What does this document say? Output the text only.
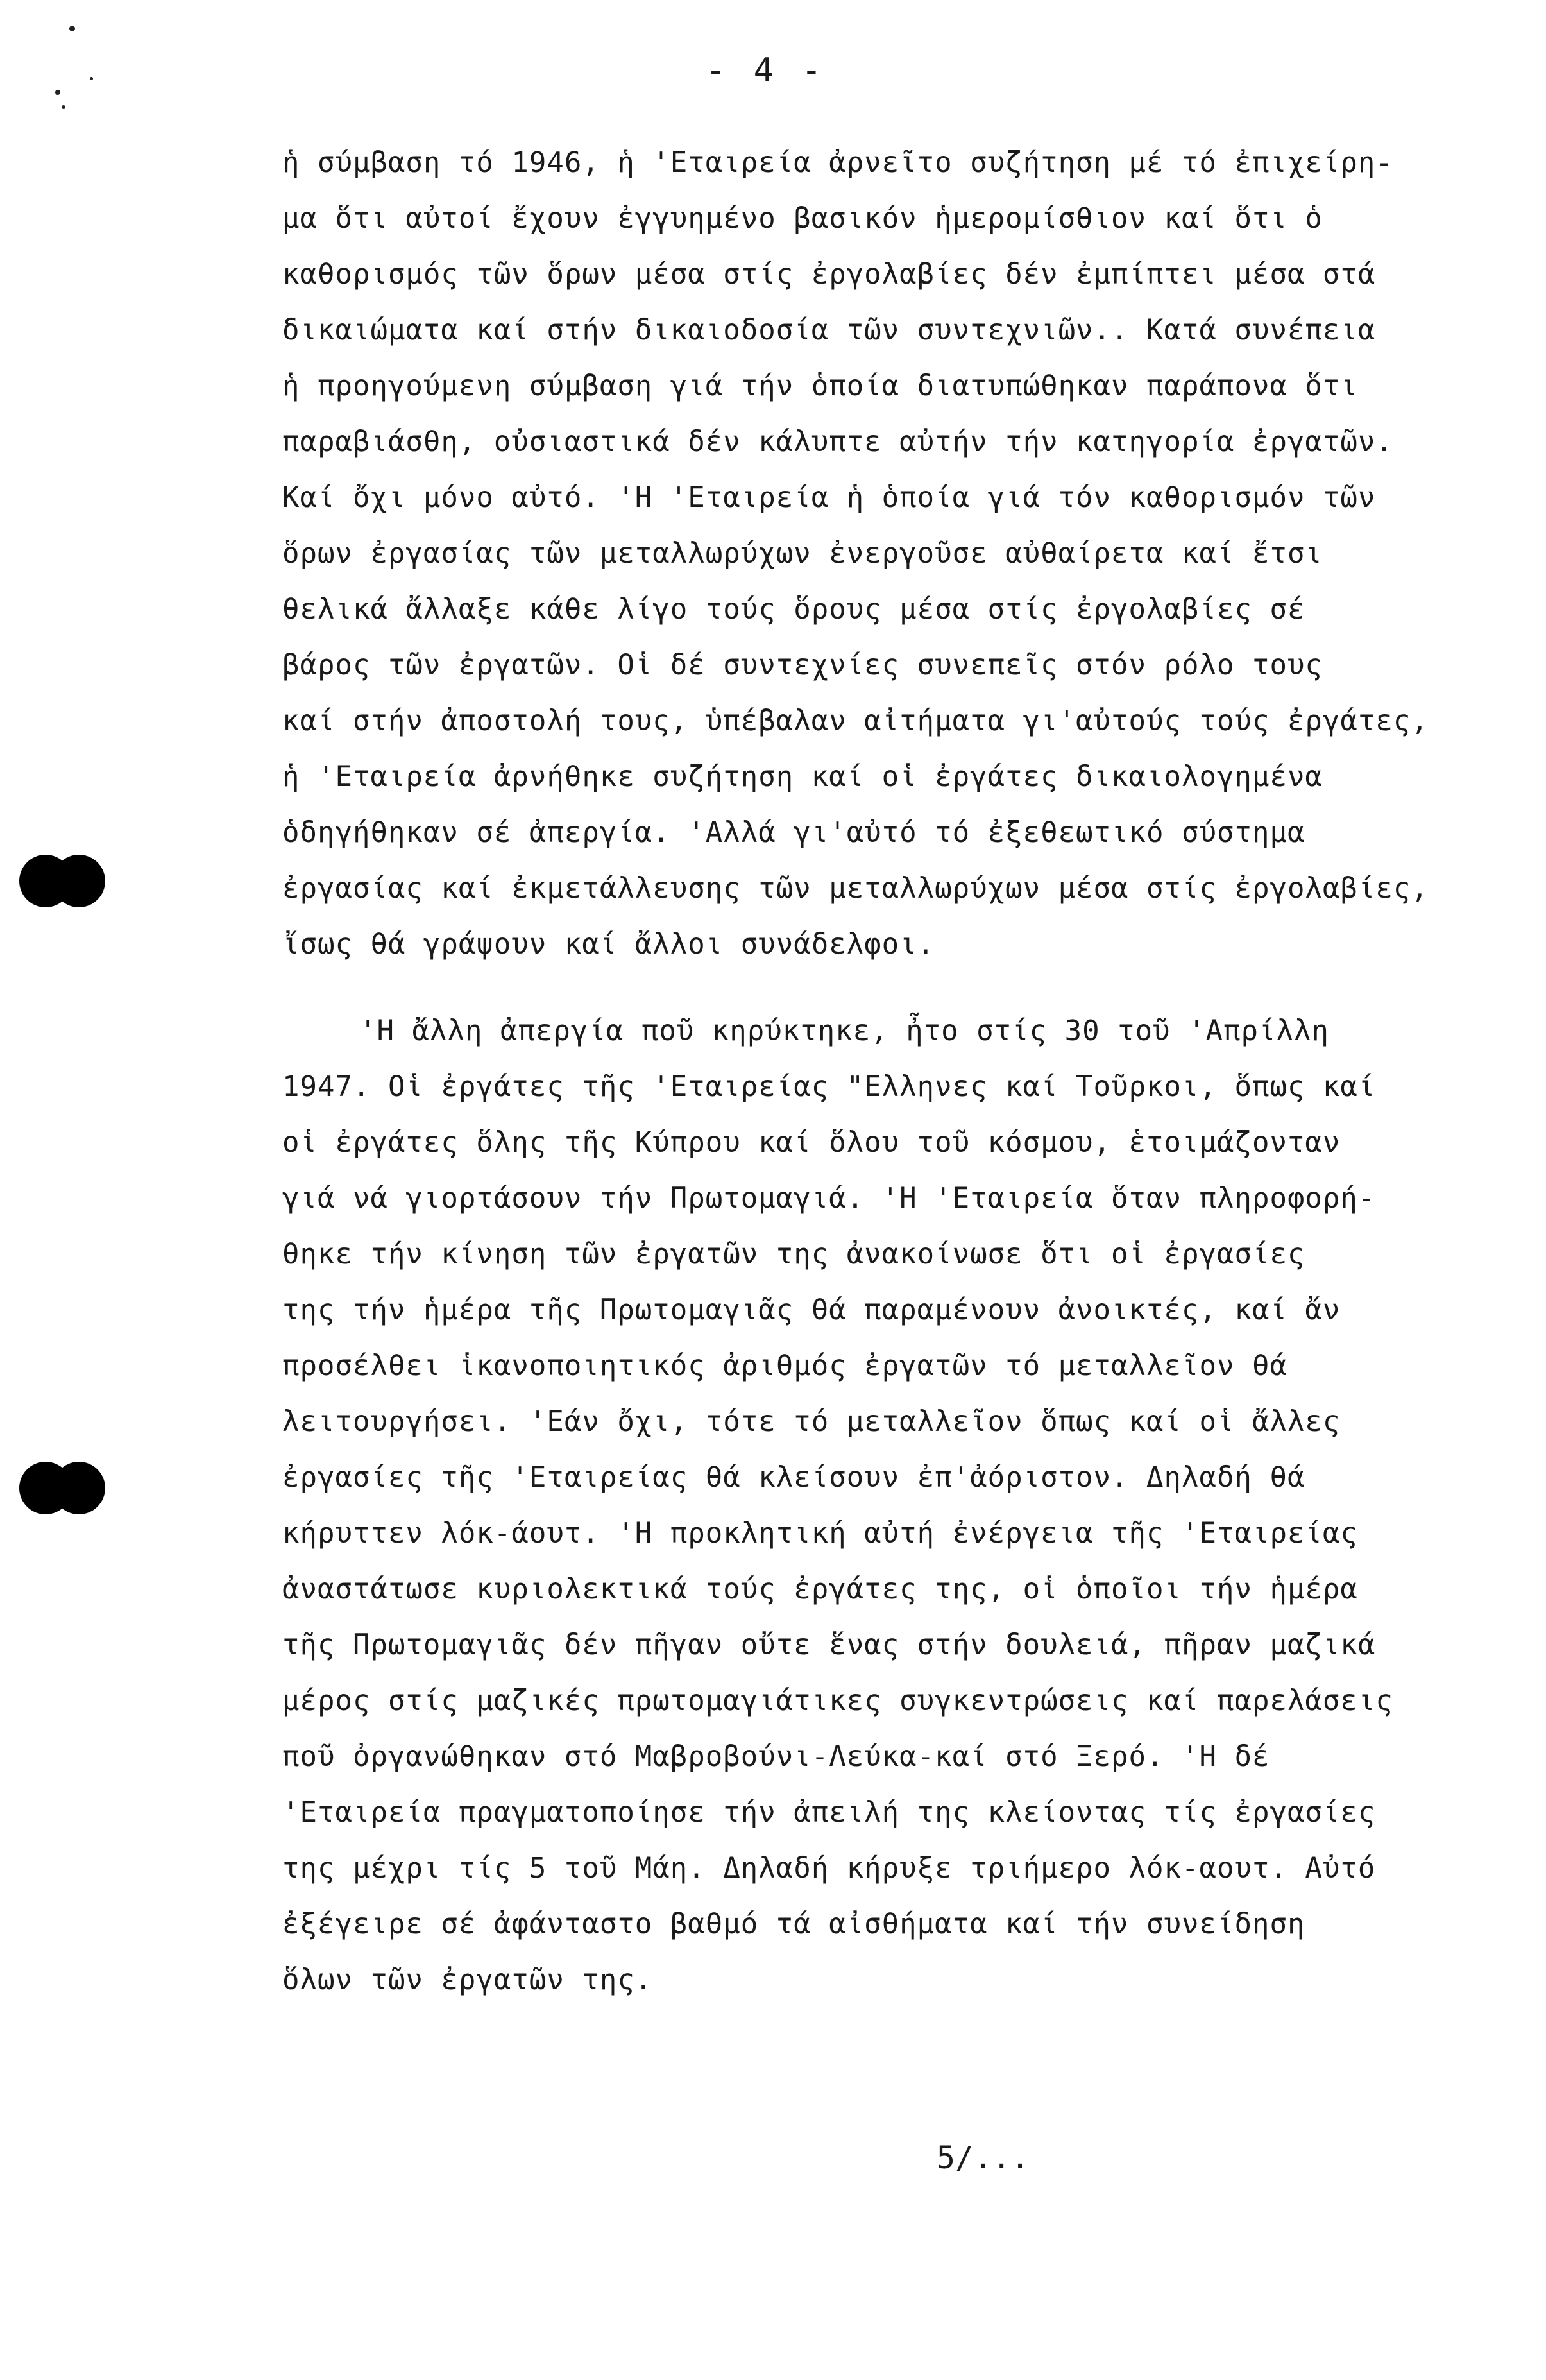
- 4 -
ἡ σύμβαση τό 1946, ἡ 'Εταιρεία ἀρνεῖτο συζήτηση μέ τό ἐπιχείρη-
μα ὅτι αὐτοί ἔχουν ἐγγυημένο βασικόν ἡμερομίσθιον καί ὅτι ὁ
καθορισμός τῶν ὅρων μέσα στίς ἐργολαβίες δέν ἐμπίπτει μέσα στά
δικαιώματα καί στήν δικαιοδοσία τῶν συντεχνιῶν.. Κατά συνέπεια
ἡ προηγούμενη σύμβαση γιά τήν ὁποία διατυπώθηκαν παράπονα ὅτι
παραβιάσθη, οὐσιαστικά δέν κάλυπτε αὐτήν τήν κατηγορία ἐργατῶν.
Καί ὄχι μόνο αὐτό. 'Η 'Εταιρεία ἡ ὁποία γιά τόν καθορισμόν τῶν
ὅρων ἐργασίας τῶν μεταλλωρύχων ἐνεργοῦσε αὐθαίρετα καί ἔτσι
θελικά ἄλλαξε κάθε λίγο τούς ὅρους μέσα στίς ἐργολαβίες σέ
βάρος τῶν ἐργατῶν. Οἱ δέ συντεχνίες συνεπεῖς στόν ρόλο τους
καί στήν ἀποστολή τους, ὑπέβαλαν αἰτήματα γι'αὐτούς τούς ἐργάτες,
ἡ 'Εταιρεία ἀρνήθηκε συζήτηση καί οἱ ἐργάτες δικαιολογημένα
ὁδηγήθηκαν σέ ἀπεργία. 'Αλλά γι'αὐτό τό ἐξεθεωτικό σύστημα
ἐργασίας καί ἐκμετάλλευσης τῶν μεταλλωρύχων μέσα στίς ἐργολαβίες,
ἴσως θά γράψουν καί ἄλλοι συνάδελφοι.
'Η ἄλλη ἀπεργία ποῦ κηρύκτηκε, ἦτο στίς 30 τοῦ 'Απρίλλη
1947. Οἱ ἐργάτες τῆς 'Εταιρείας "Ελληνες καί Τοῦρκοι, ὅπως καί
οἱ ἐργάτες ὅλης τῆς Κύπρου καί ὅλου τοῦ κόσμου, ἑτοιμάζονταν
γιά νά γιορτάσουν τήν Πρωτομαγιά. 'Η 'Εταιρεία ὅταν πληροφορή-
θηκε τήν κίνηση τῶν ἐργατῶν της ἀνακοίνωσε ὅτι οἱ ἐργασίες
της τήν ἡμέρα τῆς Πρωτομαγιᾶς θά παραμένουν ἀνοικτές, καί ἄν
προσέλθει ἱκανοποιητικός ἀριθμός ἐργατῶν τό μεταλλεῖον θά
λειτουργήσει. 'Εάν ὄχι, τότε τό μεταλλεῖον ὅπως καί οἱ ἄλλες
ἐργασίες τῆς 'Εταιρείας θά κλείσουν ἐπ'ἀόριστον. Δηλαδή θά
κήρυττεν λόκ-άουτ. 'Η προκλητική αὐτή ἐνέργεια τῆς 'Εταιρείας
ἀναστάτωσε κυριολεκτικά τούς ἐργάτες της, οἱ ὁποῖοι τήν ἡμέρα
τῆς Πρωτομαγιᾶς δέν πῆγαν οὔτε ἕνας στήν δουλειά, πῆραν μαζικά
μέρος στίς μαζικές πρωτομαγιάτικες συγκεντρώσεις καί παρελάσεις
ποῦ ὀργανώθηκαν στό Μαβροβούνι-Λεύκα-καί στό Ξερό. 'Η δέ
'Εταιρεία πραγματοποίησε τήν ἀπειλή της κλείοντας τίς ἐργασίες
της μέχρι τίς 5 τοῦ Μάη. Δηλαδή κήρυξε τριήμερο λόκ-αουτ. Αὐτό
ἐξέγειρε σέ ἀφάνταστο βαθμό τά αἰσθήματα καί τήν συνείδηση
ὅλων τῶν ἐργατῶν της.
5/...
